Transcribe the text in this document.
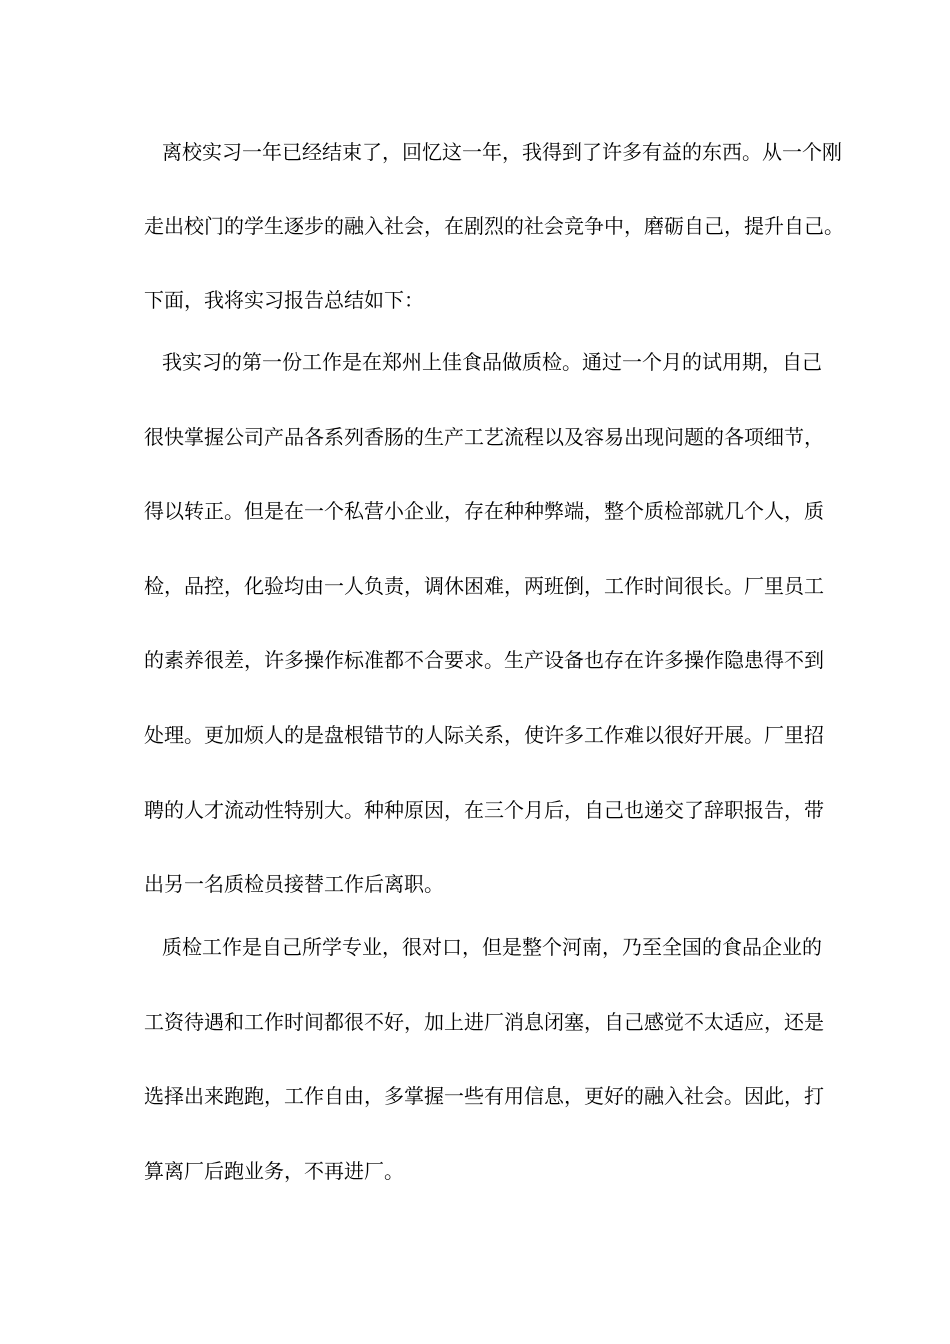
离校实习一年已经结束了，回忆这一年，我得到了许多有益的东西。从一个刚
走出校门的学生逐步的融入社会，在剧烈的社会竞争中，磨砺自己，提升自己。
下面，我将实习报告总结如下：
我实习的第一份工作是在郑州上佳食品做质检。通过一个月的试用期，自己
很快掌握公司产品各系列香肠的生产工艺流程以及容易出现问题的各项细节，
得以转正。但是在一个私营小企业，存在种种弊端，整个质检部就几个人，质
检，品控，化验均由一人负责，调休困难，两班倒，工作时间很长。厂里员工
的素养很差，许多操作标准都不合要求。生产设备也存在许多操作隐患得不到
处理。更加烦人的是盘根错节的人际关系，使许多工作难以很好开展。厂里招
聘的人才流动性特别大。种种原因，在三个月后，自己也递交了辞职报告，带
出另一名质检员接替工作后离职。
质检工作是自己所学专业，很对口，但是整个河南，乃至全国的食品企业的
工资待遇和工作时间都很不好，加上进厂消息闭塞，自己感觉不太适应，还是
选择出来跑跑，工作自由，多掌握一些有用信息，更好的融入社会。因此，打
算离厂后跑业务，不再进厂。
